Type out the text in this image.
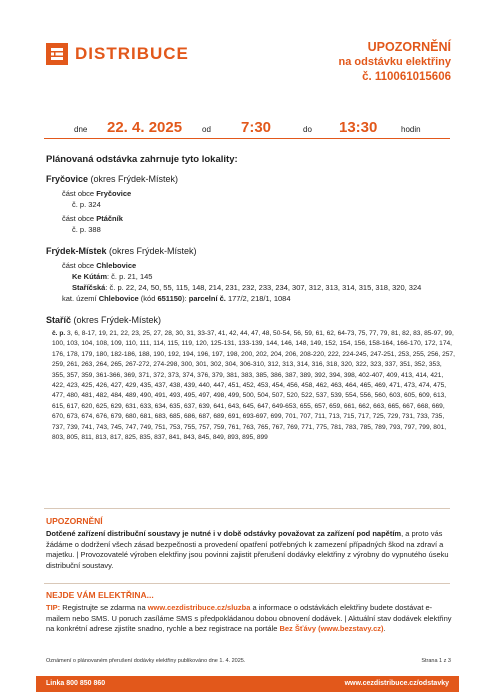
DISTRIBUCE	UPOZORNĚNÍ
na odstávku elektřiny
č. 110061015606
dne 22. 4. 2025 od 7:30	do 13:30	hodin
Plánovaná odstávka zahrnuje tyto lokality:
Fryčovice (okres Frýdek-Místek)
část obce Fryčovice
č. p. 324
část obce Ptáčník
č. p. 388
Frýdek-Místek (okres Frýdek-Místek)
část obce Chlebovice
Ke Kútám: č. p. 21, 145
Staříčská: č. p. 22, 24, 50, 55, 115, 148, 214, 231, 232, 233, 234, 307, 312, 313, 314, 315, 318, 320, 324
kat. území Chlebovice (kód 651150): parcelní č. 177/2, 218/1, 1084
Staříč (okres Frýdek-Místek)
č. p. 3, 6, 8-17, 19, 21, 22, 23, 25, 27, 28, 30, 31, 33-37, 41, 42, 44, 47, 48, 50-54, 56, 59, 61, 62, 64-73, 75, 77, 79, 81, 82, 83, 85-97, 99, 100, 103, 104, 108, 109, 110, 111, 114, 115, 119, 120, 125-131, 133-139, 144, 146, 148, 149, 152, 154, 156, 158-164, 166-170, 172, 174, 176, 178, 179, 180, 182-186, 188, 190, 192, 194, 196, 197, 198, 200, 202, 204, 206, 208-220, 222, 224-245, 247-251, 253, 255, 256, 257, 259, 261, 263, 264, 265, 267-272, 274-298, 300, 301, 302, 304, 306-310, 312, 313, 314, 316, 318, 320, 322, 323, 337, 351, 352, 353, 355, 357, 359, 361-366, 369, 371, 372, 373, 374, 376, 379, 381, 383, 385, 386, 387, 389, 392, 394, 398, 402-407, 409, 413, 414, 421, 422, 423, 425, 426, 427, 429, 435, 437, 438, 439, 440, 447, 451, 452, 453, 454, 456, 458, 462, 463, 464, 465, 469, 471, 473, 474, 475, 477, 480, 481, 482, 484, 489, 490, 491, 493, 495, 497, 498, 499, 500, 504, 507, 520, 522, 537, 539, 554, 556, 560, 603, 605, 609, 613, 615, 617, 620, 625, 629, 631, 633, 634, 635, 637, 639, 641, 643, 645, 647, 649-653, 655, 657, 659, 661, 662, 663, 665, 667, 668, 669, 670, 673, 674, 676, 679, 680, 681, 683, 685, 686, 687, 689, 691, 693-697, 699, 701, 707, 711, 713, 715, 717, 725, 729, 731, 733, 735, 737, 739, 741, 743, 745, 747, 749, 751, 753, 755, 757, 759, 761, 763, 765, 767, 769, 771, 775, 781, 783, 785, 789, 793, 797, 799, 801, 803, 805, 811, 813, 817, 825, 835, 837, 841, 843, 845, 849, 893, 895, 899
UPOZORNĚNÍ
Dotčené zařízení distribuční soustavy je nutné i v době odstávky považovat za zařízení pod napětím, a proto vás žádáme o dodržení všech zásad bezpečnosti a provedení opatření potřebných k zamezení případných škod na zdraví a majetku. | Provozovatelé výroben elektřiny jsou povinni zajistit přerušení dodávky elektřiny z výrobny do vypnutého úseku distribuční soustavy.
NEJDE VÁM ELEKTŘINA...
TIP: Registrujte se zdarma na www.cezdistribuce.cz/sluzba a informace o odstávkách elektřiny budete dostávat e-mailem nebo SMS. U poruch zasíláme SMS s předpokládanou dobou obnovení dodávek. | Aktuální stav dodávek elektřiny na konkrétní adrese zjistíte snadno, rychle a bez registrace na portále Bez Šťávy (www.bezstavy.cz).
Oznámení o plánovaném přerušení dodávky elektřiny publikováno dne 1. 4. 2025.	Strana 1 z 3
Linka 800 850 860	www.cezdistribuce.cz/odstavky
